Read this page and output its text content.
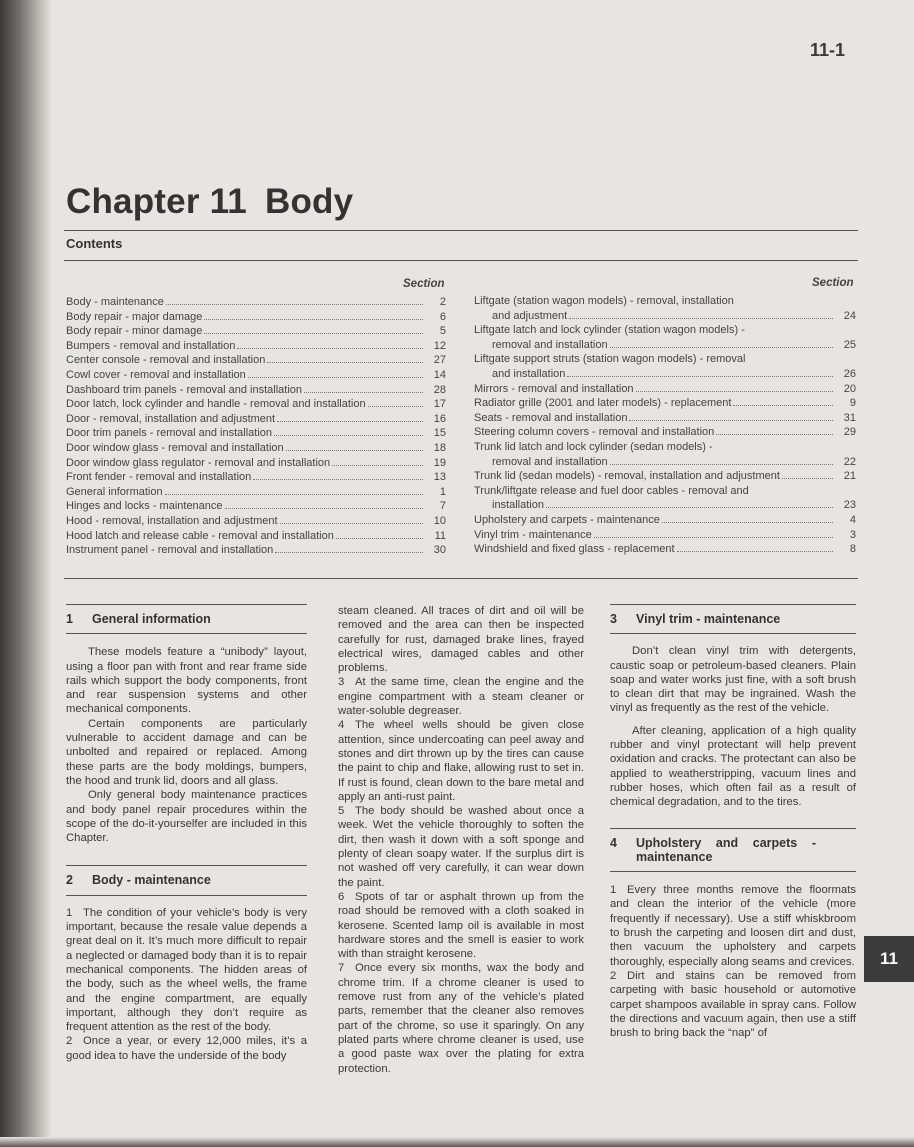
11-1
Chapter 11 Body
Contents
Section	Section
Body - maintenance	2
Body repair - major damage	6
Body repair - minor damage	5
Bumpers - removal and installation	12
Center console - removal and installation	27
Cowl cover - removal and installation	14
Dashboard trim panels - removal and installation	28
Door latch, lock cylinder and handle - removal and installation	17
Door - removal, installation and adjustment	16
Door trim panels - removal and installation	15
Door window glass - removal and installation	18
Door window glass regulator - removal and installation	19
Front fender - removal and installation	13
General information	1
Hinges and locks - maintenance	7
Hood - removal, installation and adjustment	10
Hood latch and release cable - removal and installation	11
Instrument panel - removal and installation	30
Liftgate (station wagon models) - removal, installation
and adjustment	24
Liftgate latch and lock cylinder (station wagon models) -
removal and installation	25
Liftgate support struts (station wagon models) - removal
and installation	26
Mirrors - removal and installation	20
Radiator grille (2001 and later models) - replacement	9
Seats - removal and installation	31
Steering column covers - removal and installation	29
Trunk lid latch and lock cylinder (sedan models) -
removal and installation	22
Trunk lid (sedan models) - removal, installation and adjustment	21
Trunk/liftgate release and fuel door cables - removal and
installation	23
Upholstery and carpets - maintenance	4
Vinyl trim - maintenance	3
Windshield and fixed glass - replacement	8
1	General information

These models feature a “unibody” layout, using a floor pan with front and rear frame side rails which support the body components, front and rear suspension systems and other mechanical components.

Certain components are particularly vulnerable to accident damage and can be unbolted and repaired or replaced. Among these parts are the body moldings, bumpers, the hood and trunk lid, doors and all glass.

Only general body maintenance practices and body panel repair procedures within the scope of the do-it-yourselfer are included in this Chapter.

2	Body - maintenance

1 The condition of your vehicle’s body is very important, because the resale value depends a great deal on it. It’s much more difficult to repair a neglected or damaged body than it is to repair mechanical components. The hidden areas of the body, such as the wheel wells, the frame and the engine compartment, are equally important, although they don’t require as frequent attention as the rest of the body.

2 Once a year, or every 12,000 miles, it’s a good idea to have the underside of the body

steam cleaned. All traces of dirt and oil will be removed and the area can then be inspected carefully for rust, damaged brake lines, frayed electrical wires, damaged cables and other problems.

3 At the same time, clean the engine and the engine compartment with a steam cleaner or water-soluble degreaser.

4 The wheel wells should be given close attention, since undercoating can peel away and stones and dirt thrown up by the tires can cause the paint to chip and flake, allowing rust to set in. If rust is found, clean down to the bare metal and apply an anti-rust paint.

5 The body should be washed about once a week. Wet the vehicle thoroughly to soften the dirt, then wash it down with a soft sponge and plenty of clean soapy water. If the surplus dirt is not washed off very carefully, it can wear down the paint.

6 Spots of tar or asphalt thrown up from the road should be removed with a cloth soaked in kerosene. Scented lamp oil is available in most hardware stores and the smell is easier to work with than straight kerosene.

7 Once every six months, wax the body and chrome trim. If a chrome cleaner is used to remove rust from any of the vehicle’s plated parts, remember that the cleaner also removes part of the chrome, so use it sparingly. On any plated parts where chrome cleaner is used, use a good paste wax over the plating for extra protection.

3	Vinyl trim - maintenance

Don’t clean vinyl trim with detergents, caustic soap or petroleum-based cleaners. Plain soap and water works just fine, with a soft brush to clean dirt that may be ingrained. Wash the vinyl as frequently as the rest of the vehicle.

After cleaning, application of a high quality rubber and vinyl protectant will help prevent oxidation and cracks. The protectant can also be applied to weatherstripping, vacuum lines and rubber hoses, which often fail as a result of chemical degradation, and to the tires.

4	Upholstery and carpets - maintenance

1 Every three months remove the floormats and clean the interior of the vehicle (more frequently if necessary). Use a stiff whiskbroom to brush the carpeting and loosen dirt and dust, then vacuum the upholstery and carpets thoroughly, especially along seams and crevices.

2 Dirt and stains can be removed from carpeting with basic household or automotive carpet shampoos available in spray cans. Follow the directions and vacuum again, then use a stiff brush to bring back the “nap” of

11
